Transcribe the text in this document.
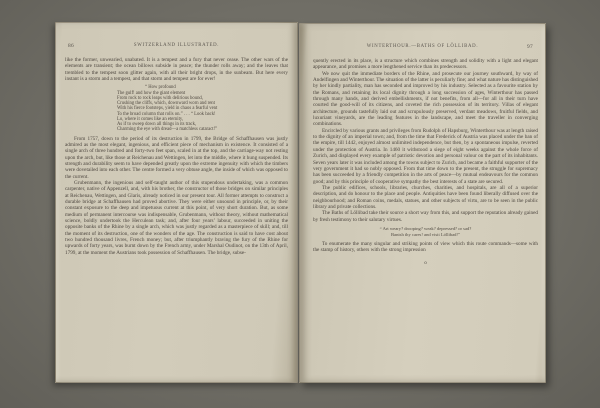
86	SWITZERLAND ILLUSTRATED.

like the former, unwearied, unabated. It is a tempest and a fury that never cease. The other wars of the elements are transient; the ocean billows subside in peace; the thunder rolls away; and the leaves that trembled to the tempest soon glitter again, with all their bright drops, in the sunbeam. But here every instant is a storm and a tempest, and that storm and tempest are for ever!

“ How profound
The gulf! and how the giant element
From rock to rock leaps with delirious bound,
Crushing the cliffs, which, downward worn and rent
With his fierce footsteps, yield in chaos a fearful vent
To the broad column that rolls on.” . . . “ Look back!
Lo, where it comes like an eternity,
As if to sweep down all things in its track,
Charming the eye with dread—a matchless cataract!”

From 1757, down to the period of its destruction in 1799, the Bridge of Schaffhausen was justly admired as the most elegant, ingenious, and efficient piece of mechanism in existence. It consisted of a single arch of three hundred and forty-two feet span, scaled in at the top, and the carriage-way not resting upon the arch, but, like those at Reichenau and Wettingen, let into the middle, where it hung suspended. Its strength and durability seem to have depended greatly upon the extreme ingenuity with which the timbers were dovetailed into each other. The centre formed a very obtuse angle, the inside of which was opposed to the current.

Grubenmann, the ingenious and self-taught author of this stupendous undertaking, was a common carpenter, native of Appenzell, and, with his brother, the constructor of those bridges on similar principles at Reichenau, Wettingen, and Glaris, already noticed in our present tour. All former attempts to construct a durable bridge at Schaffhausen had proved abortive. They were either unsound in principle, or, by their constant exposure to the deep and impetuous current at this point, of very short duration. But, as some medium of permanent intercourse was indispensable, Grubenmann, without theory, without mathematical science, boldly undertook the Herculean task; and, after four years’ labour, succeeded in uniting the opposite banks of the Rhine by a single arch, which was justly regarded as a masterpiece of skill; and, till the moment of its destruction, one of the wonders of the age. The construction is said to have cost about two hundred thousand livres, French money; but, after triumphantly braving the fury of the Rhine for upwards of forty years, was burnt down by the French army, under Marshal Oudinot, on the 13th of April, 1799, at the moment the Austrians took possession of Schaffhausen. The bridge, subse-

97
WINTERTHOUR.—BATHS OF LÖLLIBAD.

quently erected in its place, is a structure which combines strength and solidity with a light and elegant appearance, and promises a more lengthened service than its predecessors.

We now quit the immediate borders of the Rhine, and prosecute our journey southward, by way of Andelfingen and Winterthour. The situation of the latter is peculiarly fine; and what nature has distinguished by her kindly partiality, man has seconded and improved by his industry. Selected as a favourite station by the Romans, and retaining its local dignity through a long succession of ages, Winterthour has passed through many hands, and derived embellishments, if not benefits, from all—for all in their turn have courted the good-will of its citizens, and coveted the rich possession of its territory. Villas of elegant architecture, grounds tastefully laid out and scrupulously preserved, verdant meadows, fruitful fields, and luxuriant vineyards, are the leading features in the landscape, and meet the traveller in converging combinations.

Encircled by various grants and privileges from Rudolph of Hapsburg, Winterthour was at length raised to the dignity of an imperial town; and, from the time that Frederick of Austria was placed under the ban of the empire, till 1442, enjoyed almost unlimited independence, but then, by a spontaneous impulse, reverted under the protection of Austria. In 1460 it withstood a siege of eight weeks against the whole force of Zurich, and displayed every example of patriotic devotion and personal valour on the part of its inhabitants. Seven years later it was included among the towns subject to Zurich, and became a faithful supporter of the very government it had so nobly opposed. From that time down to the present, the struggle for supremacy has been succeeded by a friendly competition in the arts of peace—by mutual endeavours for the common good; and by this principle of cooperative sympathy the best interests of a state are secured.

The public edifices, schools, libraries, churches, charities, and hospitals, are all of a superior description, and do honour to the place and people. Antiquities have been found liberally diffused over the neighbourhood; and Roman coins, medals, statues, and other subjects of virtu, are to be seen in the public library and private collections.

The Baths of Löllibad take their source a short way from this, and support the reputation already gained by fresh testimony to their salutary virtues.

“ Art weary? drooping? weak? depressed? or sad?
Banish thy cares! and visit Löllibad!”

To enumerate the many singular and striking points of view which this route commands—some with the stamp of history, others with the strong impression

o
